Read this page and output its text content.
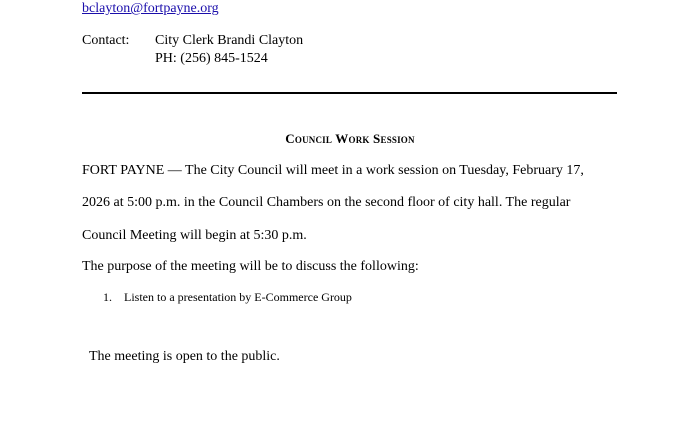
bclayton@fortpayne.org
Contact: City Clerk Brandi Clayton
PH: (256) 845-1524
Council Work Session
FORT PAYNE — The City Council will meet in a work session on Tuesday, February 17,
2026 at 5:00 p.m. in the Council Chambers on the second floor of city hall. The regular
Council Meeting will begin at 5:30 p.m.
The purpose of the meeting will be to discuss the following:
1. Listen to a presentation by E-Commerce Group
The meeting is open to the public.
